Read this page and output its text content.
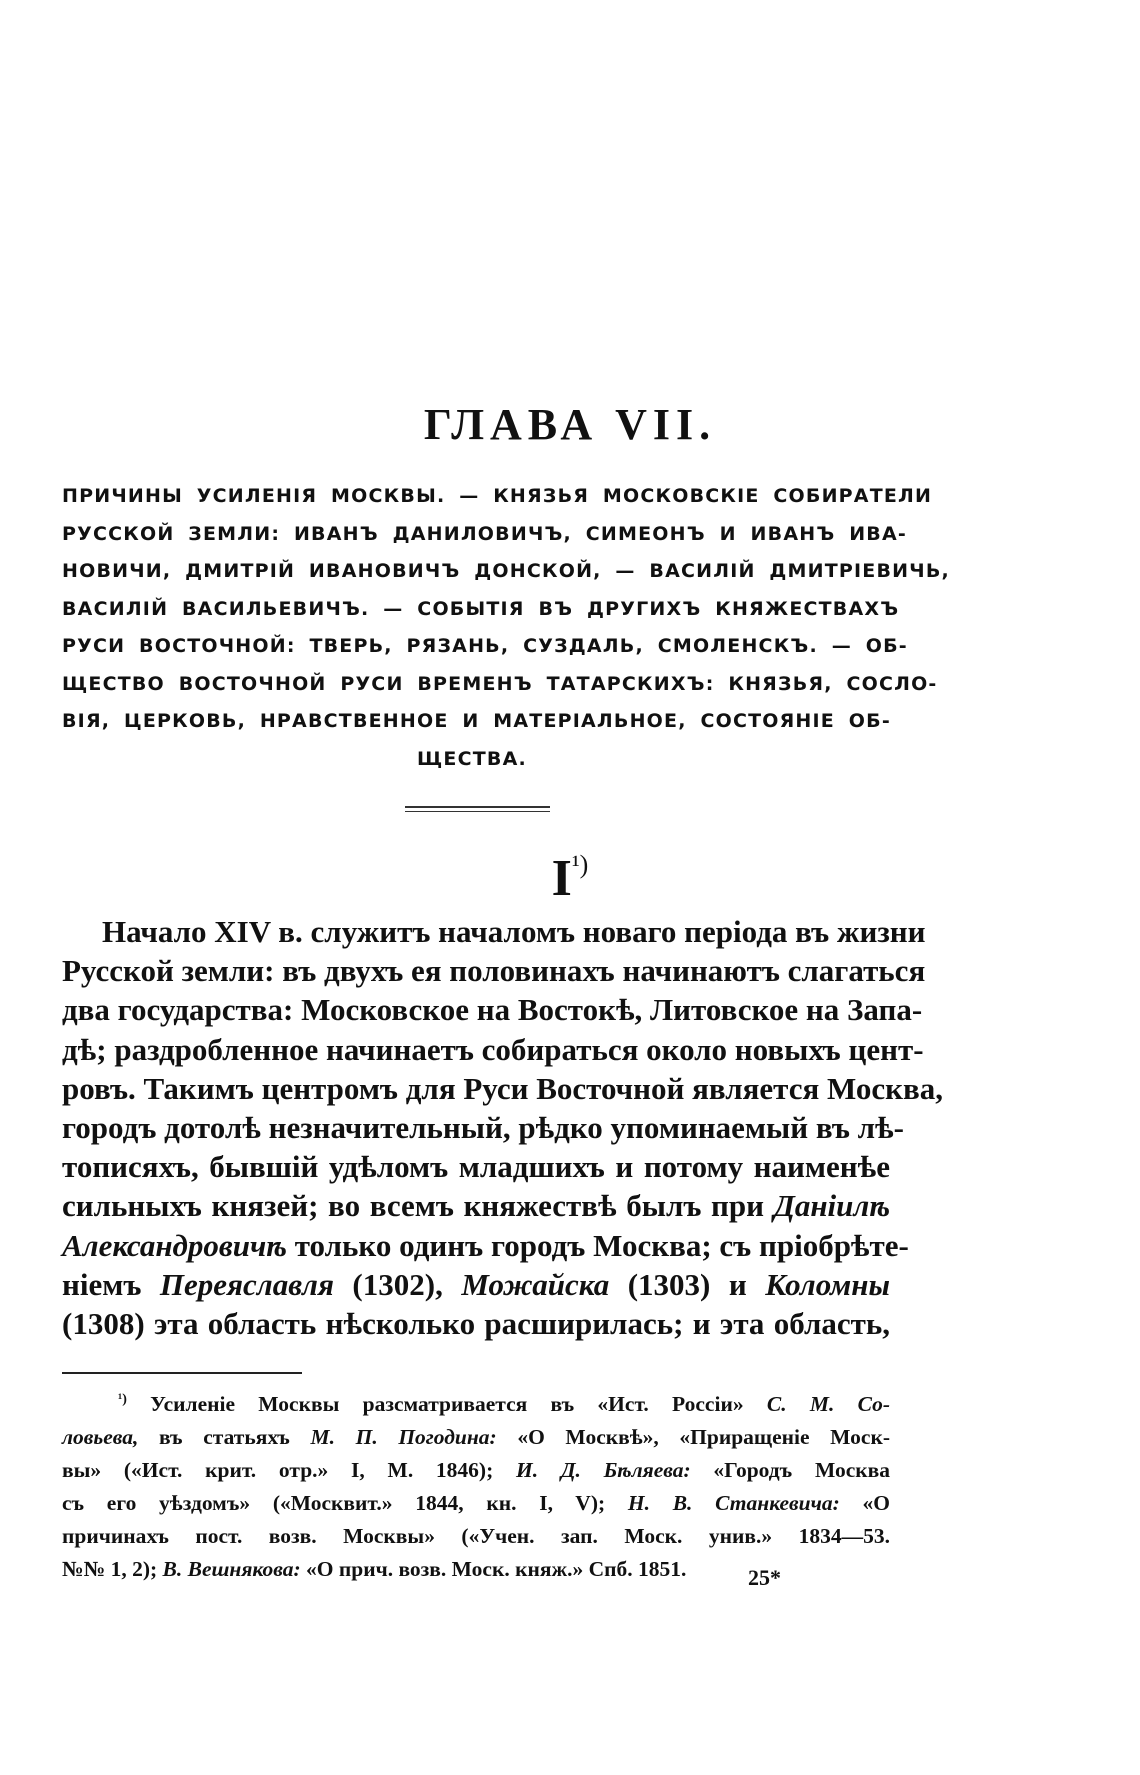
ГЛАВА VII.
ПРИЧИНЫ УСИЛЕНІЯ МОСКВЫ. — КНЯЗЬЯ МОСКОВСКІЕ СОБИРАТЕЛИ
РУССКОЙ ЗЕМЛИ: ИВАНЪ ДАНИЛОВИЧЪ, СИМЕОНЪ И ИВАНЪ ИВА-
НОВИЧИ, ДМИТРІЙ ИВАНОВИЧЪ ДОНСКОЙ, — ВАСИЛІЙ ДМИТРІЕВИЧЬ,
ВАСИЛІЙ ВАСИЛЬЕВИЧЪ. — СОБЫТІЯ ВЪ ДРУГИХЪ КНЯЖЕСТВАХЪ
РУСИ ВОСТОЧНОЙ: ТВЕРЬ, РЯЗАНЬ, СУЗДАЛЬ, СМОЛЕНСКЪ. — ОБ-
ЩЕСТВО ВОСТОЧНОЙ РУСИ ВРЕМЕНЪ ТАТАРСКИХЪ: КНЯЗЬЯ, СОСЛО-
ВІЯ, ЦЕРКОВЬ, НРАВСТВЕННОЕ И МАТЕРІАЛЬНОЕ, СОСТОЯНІЕ ОБ-
ЩЕСТВА.
$I^{^1)}$
Начало XIV в. служитъ началомъ новаго періода въ жизни
Русской земли: въ двухъ ея половинахъ начинаютъ слагаться
два государства: Московское на Востокѣ, Литовское на Запа-
дѣ; раздробленное начинаетъ собираться около новыхъ цент-
ровъ. Такимъ центромъ для Руси Восточной является Москва,
городъ дотолѣ незначительный, рѣдко упоминаемый въ лѣ-
тописяхъ, бывшій удѣломъ младшихъ и потому наименѣе
сильныхъ князей; во всемъ княжествѣ былъ при Даніилѣ
Александровичѣ только одинъ городъ Москва; съ пріобрѣте-
ніемъ Переяславля (1302), Можайска (1303) и Коломны
(1308) эта область нѣсколько расширилась; и эта область,
$^{^1)}$ Усиленіе Москвы разсматривается въ «Ист. Россіи» С. М. Со-
ловьева, въ статьяхъ М. П. Погодина: «О Москвѣ», «Приращеніе Моск-
вы» («Ист. крит. отр.» I, М. 1846); И. Д. Бѣляева: «Городъ Москва
съ его уѣздомъ» («Москвит.» 1844, кн. I, V); Н. В. Станкевича: «О
причинахъ пост. возв. Москвы» («Учен. зап. Моск. унив.» 1834—53.
№№ 1, 2); В. Вешнякова: «О прич. возв. Моск. княж.» Спб. 1851.	25*
